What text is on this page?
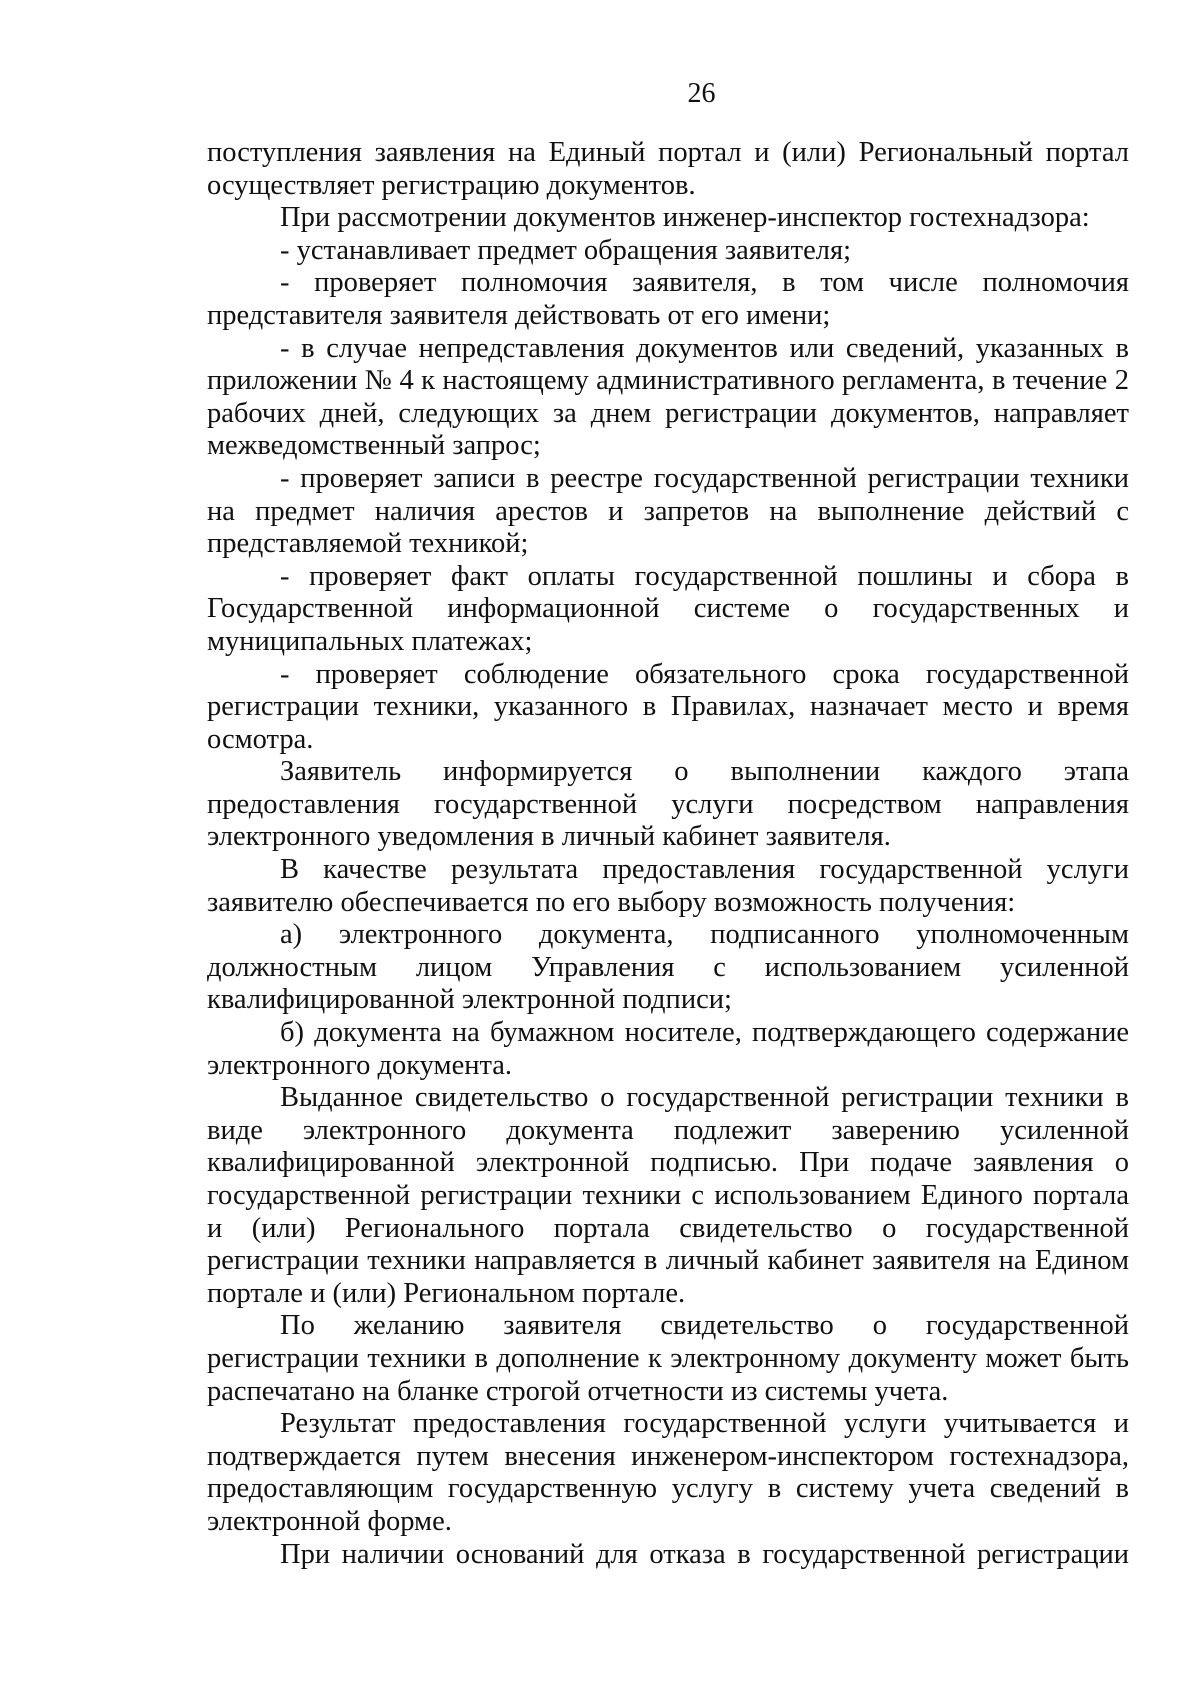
26

поступления заявления на Единый портал и (или) Региональный портал осуществляет регистрацию документов.

При рассмотрении документов инженер-инспектор гостехнадзора:

- устанавливает предмет обращения заявителя;

- проверяет полномочия заявителя, в том числе полномочия представителя заявителя действовать от его имени;

- в случае непредставления документов или сведений, указанных в приложении № 4 к настоящему административного регламента, в течение 2 рабочих дней, следующих за днем регистрации документов, направляет межведомственный запрос;

- проверяет записи в реестре государственной регистрации техники на предмет наличия арестов и запретов на выполнение действий с представляемой техникой;

- проверяет факт оплаты государственной пошлины и сбора в Государственной информационной системе о государственных и муниципальных платежах;

- проверяет соблюдение обязательного срока государственной регистрации техники, указанного в Правилах, назначает место и время осмотра.

Заявитель информируется о выполнении каждого этапа предоставления государственной услуги посредством направления электронного уведомления в личный кабинет заявителя.

В качестве результата предоставления государственной услуги заявителю обеспечивается по его выбору возможность получения:

а) электронного документа, подписанного уполномоченным должностным лицом Управления с использованием усиленной квалифицированной электронной подписи;

б) документа на бумажном носителе, подтверждающего содержание электронного документа.

Выданное свидетельство о государственной регистрации техники в виде электронного документа подлежит заверению усиленной квалифицированной электронной подписью. При подаче заявления о государственной регистрации техники с использованием Единого портала и (или) Регионального портала свидетельство о государственной регистрации техники направляется в личный кабинет заявителя на Едином портале и (или) Региональном портале.

По желанию заявителя свидетельство о государственной регистрации техники в дополнение к электронному документу может быть распечатано на бланке строгой отчетности из системы учета.

Результат предоставления государственной услуги учитывается и подтверждается путем внесения инженером-инспектором гостехнадзора, предоставляющим государственную услугу в систему учета сведений в электронной форме.

При наличии оснований для отказа в государственной регистрации
